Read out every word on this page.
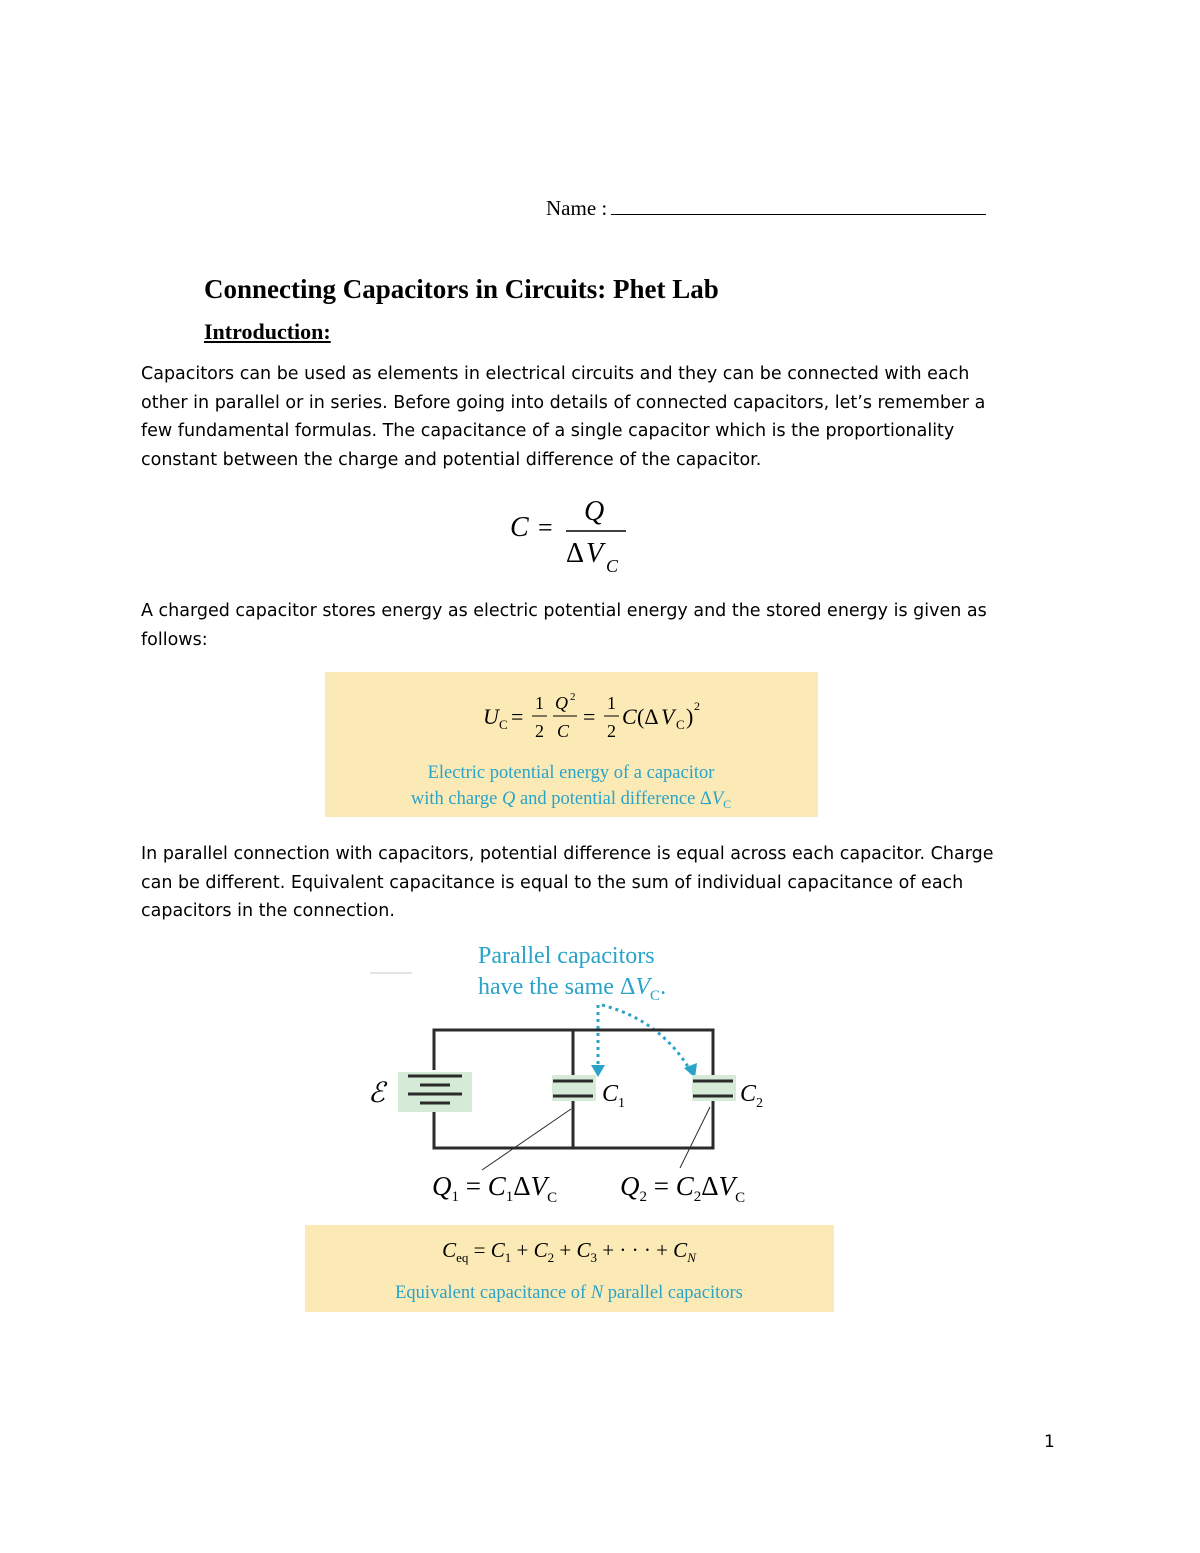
Name :
Connecting Capacitors in Circuits: Phet Lab
Introduction:

Capacitors can be used as elements in electrical circuits and they can be connected with each other in parallel or in series. Before going into details of connected capacitors, let’s remember a few fundamental formulas. The capacitance of a single capacitor which is the proportionality constant between the charge and potential difference of the capacitor.

C =
Q
Δ V C

A charged capacitor stores energy as electric potential energy and the stored energy is given as follows:

U C =
1
2
Q 2
C
=
1
2
C (Δ V C ) 2
Electric potential energy of a capacitor
with charge Q and potential difference $\Delta V_C$

In parallel connection with capacitors, potential difference is equal across each capacitor. Charge can be different. Equivalent capacitance is equal to the sum of individual capacitance of each capacitors in the connection.

Parallel capacitors
have the same $\Delta V_C$.
ℰ	$C_1$	$C_2$
$Q_1 = C_1\Delta V_C$ $Q_2 = C_2\Delta V_C$
$C_{eq} = C_1 + C_2 + C_3$ + · · · + $C_N$
Equivalent capacitance of N parallel capacitors
1
